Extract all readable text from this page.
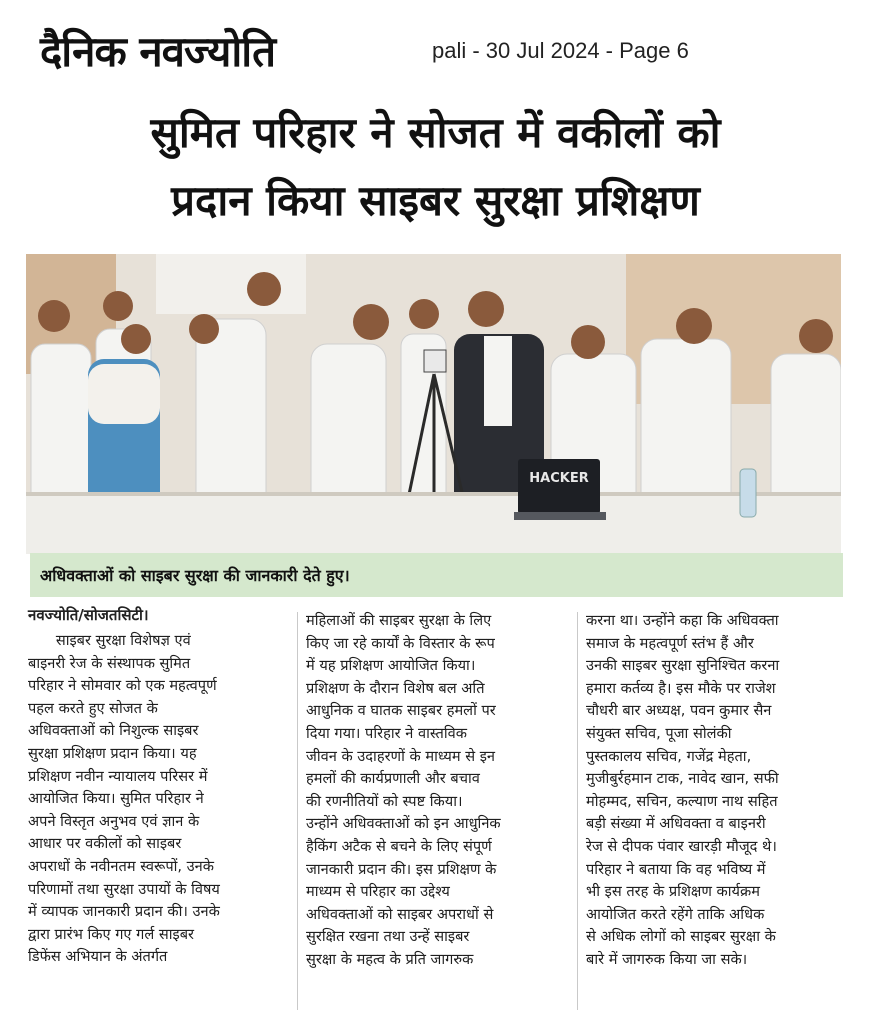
दैनिक नवज्योति	pali - 30 Jul 2024 - Page 6
सुमित परिहार ने सोजत में वकीलों को
प्रदान किया साइबर सुरक्षा प्रशिक्षण
HACKER
अधिवक्ताओं को साइबर सुरक्षा की जानकारी देते हुए।
नवज्योति/सोजतसिटी।
साइबर सुरक्षा विशेषज्ञ एवं
बाइनरी रेज के संस्थापक सुमित
परिहार ने सोमवार को एक महत्वपूर्ण
पहल करते हुए सोजत के
अधिवक्ताओं को निशुल्क साइबर
सुरक्षा प्रशिक्षण प्रदान किया। यह
प्रशिक्षण नवीन न्यायालय परिसर में
आयोजित किया। सुमित परिहार ने
अपने विस्तृत अनुभव एवं ज्ञान के
आधार पर वकीलों को साइबर
अपराधों के नवीनतम स्वरूपों, उनके
परिणामों तथा सुरक्षा उपायों के विषय
में व्यापक जानकारी प्रदान की। उनके
द्वारा प्रारंभ किए गए गर्ल साइबर
डिफेंस अभियान के अंतर्गत
महिलाओं की साइबर सुरक्षा के लिए
किए जा रहे कार्यों के विस्तार के रूप
में यह प्रशिक्षण आयोजित किया।
प्रशिक्षण के दौरान विशेष बल अति
आधुनिक व घातक साइबर हमलों पर
दिया गया। परिहार ने वास्तविक
जीवन के उदाहरणों के माध्यम से इन
हमलों की कार्यप्रणाली और बचाव
की रणनीतियों को स्पष्ट किया।
उन्होंने अधिवक्ताओं को इन आधुनिक
हैकिंग अटैक से बचने के लिए संपूर्ण
जानकारी प्रदान की। इस प्रशिक्षण के
माध्यम से परिहार का उद्देश्य
अधिवक्ताओं को साइबर अपराधों से
सुरक्षित रखना तथा उन्हें साइबर
सुरक्षा के महत्व के प्रति जागरुक
करना था। उन्होंने कहा कि अधिवक्ता
समाज के महत्वपूर्ण स्तंभ हैं और
उनकी साइबर सुरक्षा सुनिश्चित करना
हमारा कर्तव्य है। इस मौके पर राजेश
चौधरी बार अध्यक्ष, पवन कुमार सैन
संयुक्त सचिव, पूजा सोलंकी
पुस्तकालय सचिव, गजेंद्र मेहता,
मुजीबुर्रहमान टाक, नावेद खान, सफी
मोहम्मद, सचिन, कल्याण नाथ सहित
बड़ी संख्या में अधिवक्ता व बाइनरी
रेज से दीपक पंवार खारड़ी मौजूद थे।
परिहार ने बताया कि वह भविष्य में
भी इस तरह के प्रशिक्षण कार्यक्रम
आयोजित करते रहेंगे ताकि अधिक
से अधिक लोगों को साइबर सुरक्षा के
बारे में जागरुक किया जा सके।
